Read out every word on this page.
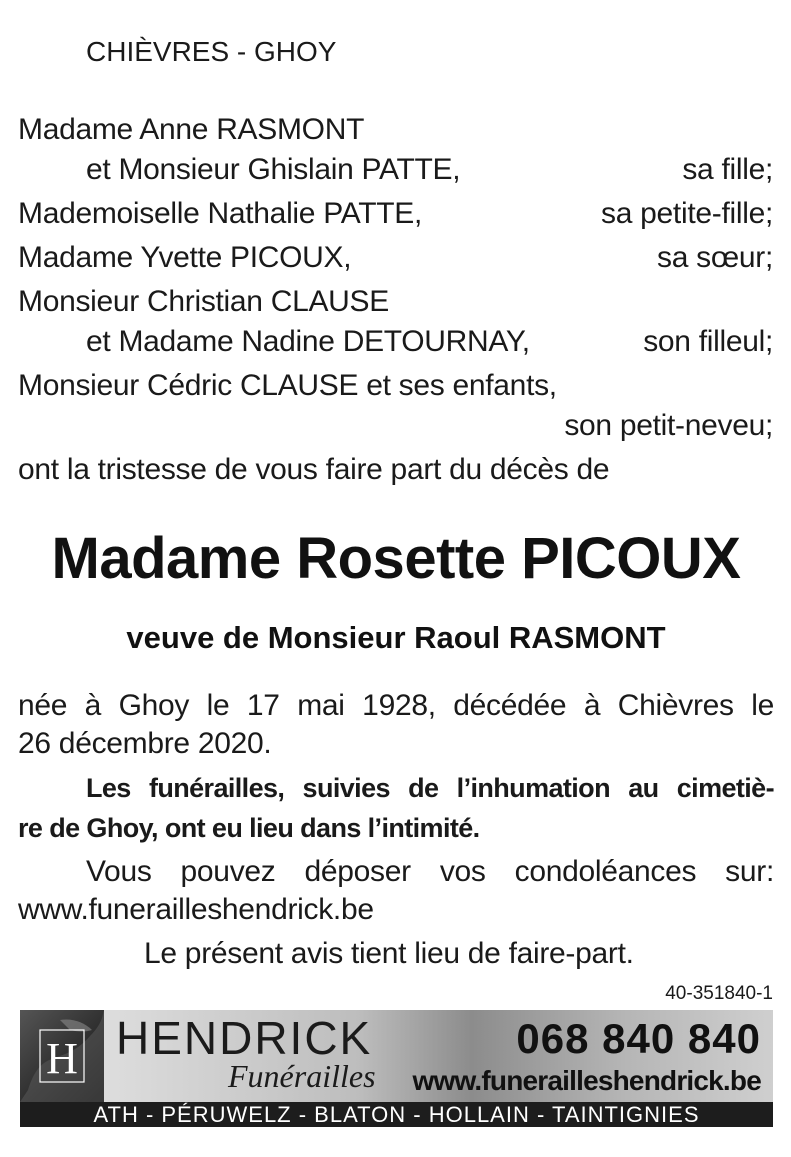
CHIÈVRES - GHOY
Madame Anne RASMONT
et Monsieur Ghislain PATTE,	sa fille;
Mademoiselle Nathalie PATTE,	sa petite-fille;
Madame Yvette PICOUX,	sa sœur;
Monsieur Christian CLAUSE
et Madame Nadine DETOURNAY,	son filleul;
Monsieur Cédric CLAUSE et ses enfants,
son petit-neveu;
ont la tristesse de vous faire part du décès de
Madame Rosette PICOUX
veuve de Monsieur Raoul RASMONT
née à Ghoy le 17 mai 1928, décédée à Chièvres le
26 décembre 2020.
Les funérailles, suivies de l’inhumation au cimetiè-
re de Ghoy, ont eu lieu dans l’intimité.
Vous pouvez déposer vos condoléances sur:
www.funerailleshendrick.be
Le présent avis tient lieu de faire-part.
40-351840-1
H HENDRICK
Funérailles
068 840 840
www.funerailleshendrick.be
ATH - PÉRUWELZ - BLATON - HOLLAIN - TAINTIGNIES
